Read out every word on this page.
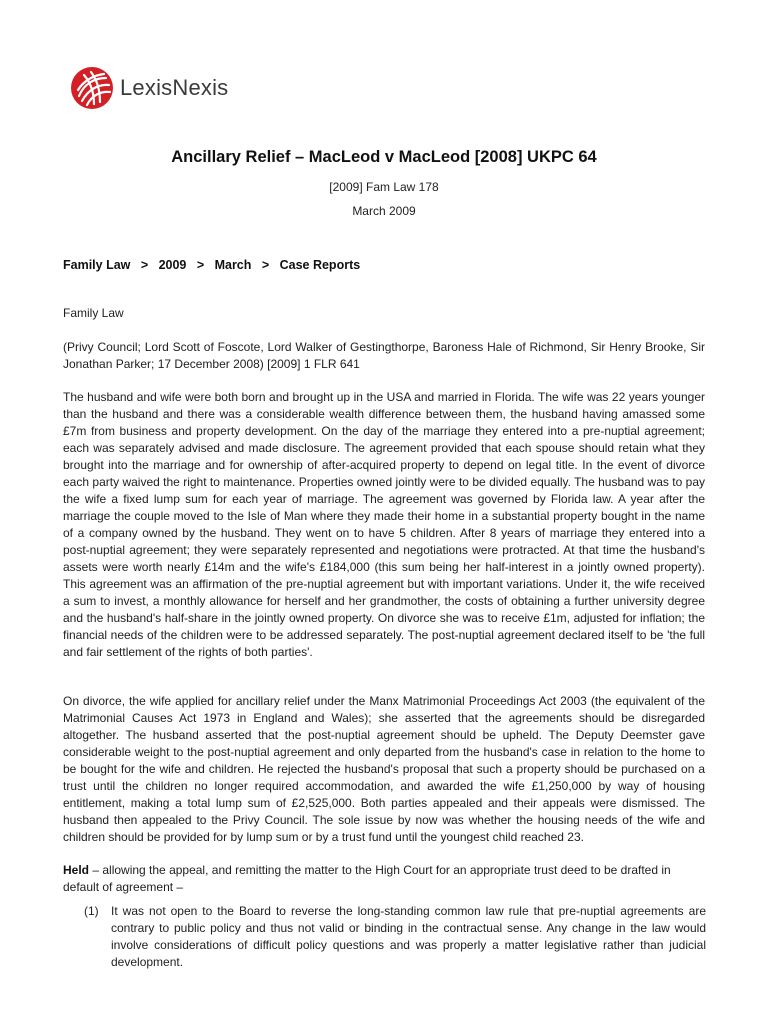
LexisNexis
Ancillary Relief – MacLeod v MacLeod [2008] UKPC 64
[2009] Fam Law 178
March 2009
Family Law > 2009 > March > Case Reports
Family Law
(Privy Council; Lord Scott of Foscote, Lord Walker of Gestingthorpe, Baroness Hale of Richmond, Sir Henry Brooke, Sir Jonathan Parker; 17 December 2008) [2009] 1 FLR 641
The husband and wife were both born and brought up in the USA and married in Florida. The wife was 22 years younger than the husband and there was a considerable wealth difference between them, the husband having amassed some £7m from business and property development. On the day of the marriage they entered into a pre-nuptial agreement; each was separately advised and made disclosure. The agreement provided that each spouse should retain what they brought into the marriage and for ownership of after-acquired property to depend on legal title. In the event of divorce each party waived the right to maintenance. Properties owned jointly were to be divided equally. The husband was to pay the wife a fixed lump sum for each year of marriage. The agreement was governed by Florida law. A year after the marriage the couple moved to the Isle of Man where they made their home in a substantial property bought in the name of a company owned by the husband. They went on to have 5 children. After 8 years of marriage they entered into a post-nuptial agreement; they were separately represented and negotiations were protracted. At that time the husband's assets were worth nearly £14m and the wife's £184,000 (this sum being her half-interest in a jointly owned property). This agreement was an affirmation of the pre-nuptial agreement but with important variations. Under it, the wife received a sum to invest, a monthly allowance for herself and her grandmother, the costs of obtaining a further university degree and the husband's half-share in the jointly owned property. On divorce she was to receive £1m, adjusted for inflation; the financial needs of the children were to be addressed separately. The post-nuptial agreement declared itself to be 'the full and fair settlement of the rights of both parties'.
On divorce, the wife applied for ancillary relief under the Manx Matrimonial Proceedings Act 2003 (the equivalent of the Matrimonial Causes Act 1973 in England and Wales); she asserted that the agreements should be disregarded altogether. The husband asserted that the post-nuptial agreement should be upheld. The Deputy Deemster gave considerable weight to the post-nuptial agreement and only departed from the husband's case in relation to the home to be bought for the wife and children. He rejected the husband's proposal that such a property should be purchased on a trust until the children no longer required accommodation, and awarded the wife £1,250,000 by way of housing entitlement, making a total lump sum of £2,525,000. Both parties appealed and their appeals were dismissed. The husband then appealed to the Privy Council. The sole issue by now was whether the housing needs of the wife and children should be provided for by lump sum or by a trust fund until the youngest child reached 23.
Held – allowing the appeal, and remitting the matter to the High Court for an appropriate trust deed to be drafted in default of agreement –
(1)	It was not open to the Board to reverse the long-standing common law rule that pre-nuptial agreements are contrary to public policy and thus not valid or binding in the contractual sense. Any change in the law would involve considerations of difficult policy questions and was properly a matter legislative rather than judicial development.
